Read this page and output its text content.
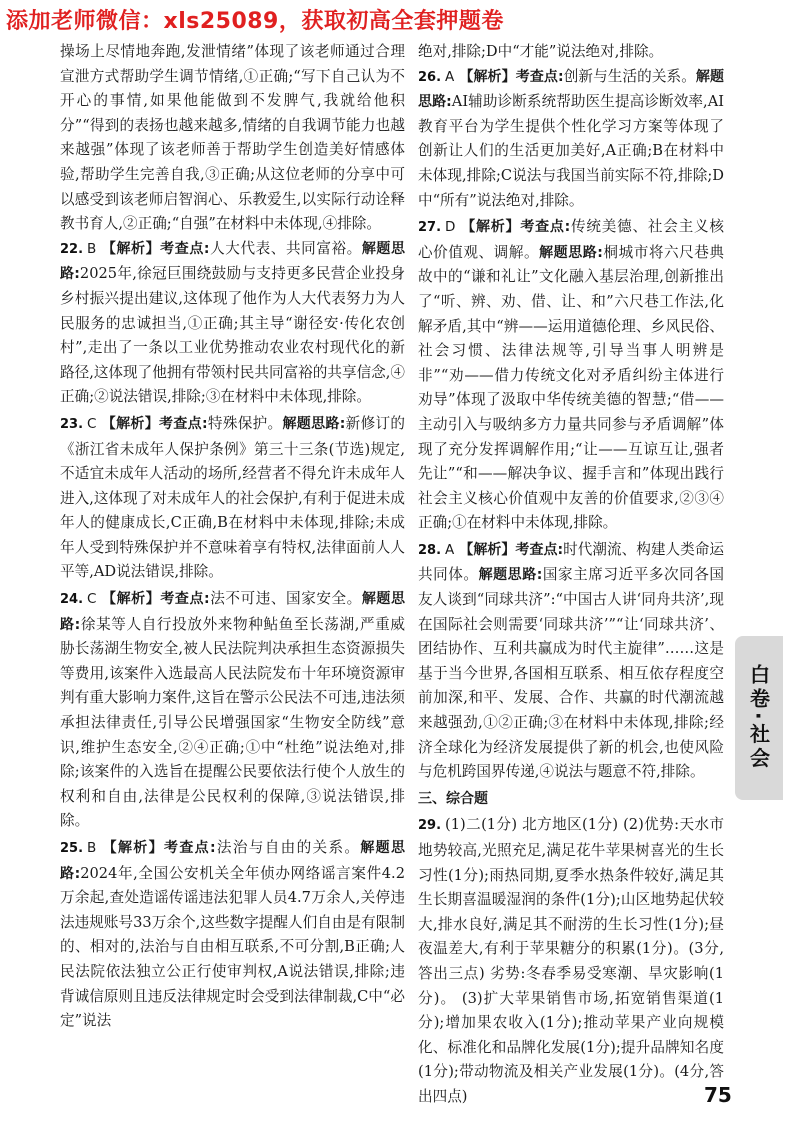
添加老师微信：xls25089，获取初高全套押题卷

操场上尽情地奔跑,发泄情绪”体现了该老师通过合理宣泄方式帮助学生调节情绪,①正确;“写下自己认为不开心的事情,如果他能做到不发脾气,我就给他积分”“得到的表扬也越来越多,情绪的自我调节能力也越来越强”体现了该老师善于帮助学生创造美好情感体验,帮助学生完善自我,③正确;从这位老师的分享中可以感受到该老师启智润心、乐教爱生,以实际行动诠释教书育人,②正确;“自强”在材料中未体现,④排除。

22. B 【解析】考查点:人大代表、共同富裕。解题思路:2025年,徐冠巨围绕鼓励与支持更多民营企业投身乡村振兴提出建议,这体现了他作为人大代表努力为人民服务的忠诚担当,①正确;其主导“谢径安·传化农创村”,走出了一条以工业优势推动农业农村现代化的新路径,这体现了他拥有带领村民共同富裕的共享信念,④正确;②说法错误,排除;③在材料中未体现,排除。

23. C 【解析】考查点:特殊保护。解题思路:新修订的《浙江省未成年人保护条例》第三十三条(节选)规定,不适宜未成年人活动的场所,经营者不得允许未成年人进入,这体现了对未成年人的社会保护,有利于促进未成年人的健康成长,C正确,B在材料中未体现,排除;未成年人受到特殊保护并不意味着享有特权,法律面前人人平等,AD说法错误,排除。

24. C 【解析】考查点:法不可违、国家安全。解题思路:徐某等人自行投放外来物种鲇鱼至长荡湖,严重威胁长荡湖生物安全,被人民法院判决承担生态资源损失等费用,该案件入选最高人民法院发布十年环境资源审判有重大影响力案件,这旨在警示公民法不可违,违法须承担法律责任,引导公民增强国家“生物安全防线”意识,维护生态安全,②④正确;①中“杜绝”说法绝对,排除;该案件的入选旨在提醒公民要依法行使个人放生的权利和自由,法律是公民权利的保障,③说法错误,排除。

25. B 【解析】考查点:法治与自由的关系。解题思路:2024年,全国公安机关全年侦办网络谣言案件4.2万余起,查处造谣传谣违法犯罪人员4.7万余人,关停违法违规账号33万余个,这些数字提醒人们自由是有限制的、相对的,法治与自由相互联系,不可分割,B正确;人民法院依法独立公正行使审判权,A说法错误,排除;违背诚信原则且违反法律规定时会受到法律制裁,C中“必定”说法

绝对,排除;D中“才能”说法绝对,排除。

26. A 【解析】考查点:创新与生活的关系。解题思路:AI辅助诊断系统帮助医生提高诊断效率,AI教育平台为学生提供个性化学习方案等体现了创新让人们的生活更加美好,A正确;B在材料中未体现,排除;C说法与我国当前实际不符,排除;D中“所有”说法绝对,排除。

27. D 【解析】考查点:传统美德、社会主义核心价值观、调解。解题思路:桐城市将六尺巷典故中的“谦和礼让”文化融入基层治理,创新推出了“听、辨、劝、借、让、和”六尺巷工作法,化解矛盾,其中“辨——运用道德伦理、乡风民俗、社会习惯、法律法规等,引导当事人明辨是非”“劝——借力传统文化对矛盾纠纷主体进行劝导”体现了汲取中华传统美德的智慧;“借——主动引入与吸纳多方力量共同参与矛盾调解”体现了充分发挥调解作用;“让——互谅互让,强者先让”“和——解决争议、握手言和”体现出践行社会主义核心价值观中友善的价值要求,②③④正确;①在材料中未体现,排除。

28. A 【解析】考查点:时代潮流、构建人类命运共同体。解题思路:国家主席习近平多次同各国友人谈到“同球共济”:“中国古人讲‘同舟共济’,现在国际社会则需要‘同球共济’”“让‘同球共济’、团结协作、互利共赢成为时代主旋律”……这是基于当今世界,各国相互联系、相互依存程度空前加深,和平、发展、合作、共赢的时代潮流越来越强劲,①②正确;③在材料中未体现,排除;经济全球化为经济发展提供了新的机会,也使风险与危机跨国界传递,④说法与题意不符,排除。

三、综合题

29. (1)二(1分) 北方地区(1分) (2)优势:天水市地势较高,光照充足,满足花牛苹果树喜光的生长习性(1分);雨热同期,夏季水热条件较好,满足其生长期喜温暖湿润的条件(1分);山区地势起伏较大,排水良好,满足其不耐涝的生长习性(1分);昼夜温差大,有利于苹果糖分的积累(1分)。(3分,答出三点) 劣势:冬春季易受寒潮、旱灾影响(1分)。 (3)扩大苹果销售市场,拓宽销售渠道(1分);增加果农收入(1分);推动苹果产业向规模化、标准化和品牌化发展(1分);提升品牌知名度(1分);带动物流及相关产业发展(1分)。(4分,答出四点)

白卷·社会
75
